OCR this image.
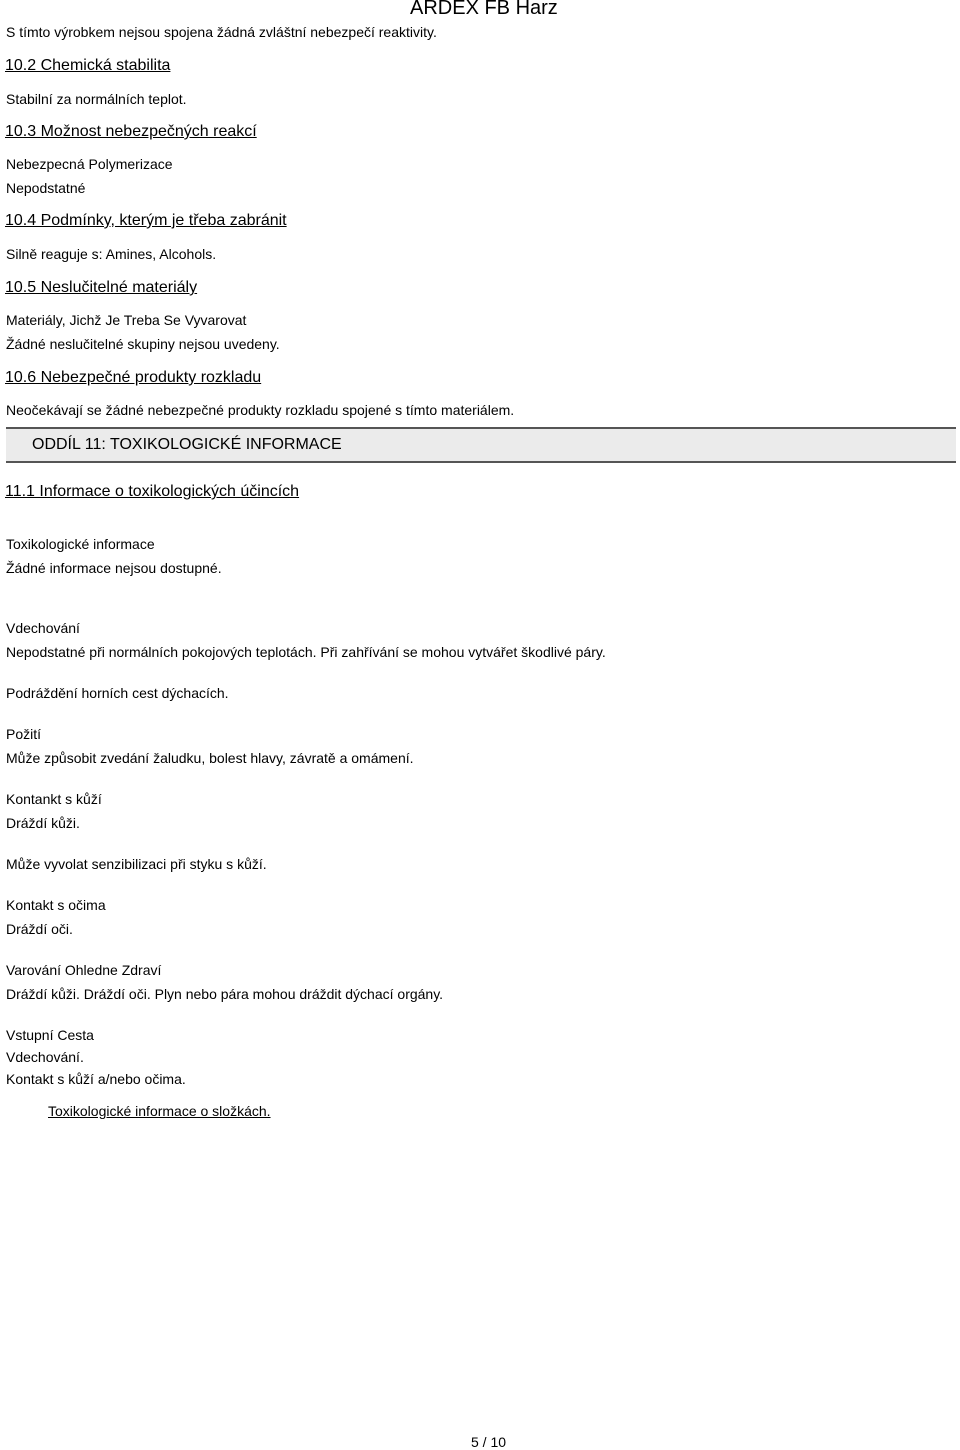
ARDEX FB Harz
S tímto výrobkem nejsou spojena žádná zvláštní nebezpečí reaktivity.
10.2 Chemická stabilita
Stabilní za normálních teplot.
10.3 Možnost nebezpečných reakcí
Nebezpecná Polymerizace
Nepodstatné
10.4 Podmínky, kterým je třeba zabránit
Silně reaguje s: Amines, Alcohols.
10.5 Neslučitelné materiály
Materiály, Jichž Je Treba Se Vyvarovat
Žádné neslučitelné skupiny nejsou uvedeny.
10.6 Nebezpečné produkty rozkladu
Neočekávají se žádné nebezpečné produkty rozkladu spojené s tímto materiálem.
ODDÍL 11: TOXIKOLOGICKÉ INFORMACE
11.1 Informace o toxikologických účincích
Toxikologické informace
Žádné informace nejsou dostupné.
Vdechování
Nepodstatné při normálních pokojových teplotách. Při zahřívání se mohou vytvářet škodlivé páry.
Podráždění horních cest dýchacích.
Požití
Může způsobit zvedání žaludku, bolest hlavy, závratě a omámení.
Kontankt s kůží
Dráždí kůži.
Může vyvolat senzibilizaci při styku s kůží.
Kontakt s očima
Dráždí oči.
Varování Ohledne Zdraví
Dráždí kůži. Dráždí oči. Plyn nebo pára mohou dráždit dýchací orgány.
Vstupní Cesta
Vdechování.
Kontakt s kůží a/nebo očima.
Toxikologické informace o složkách.
5 / 10
